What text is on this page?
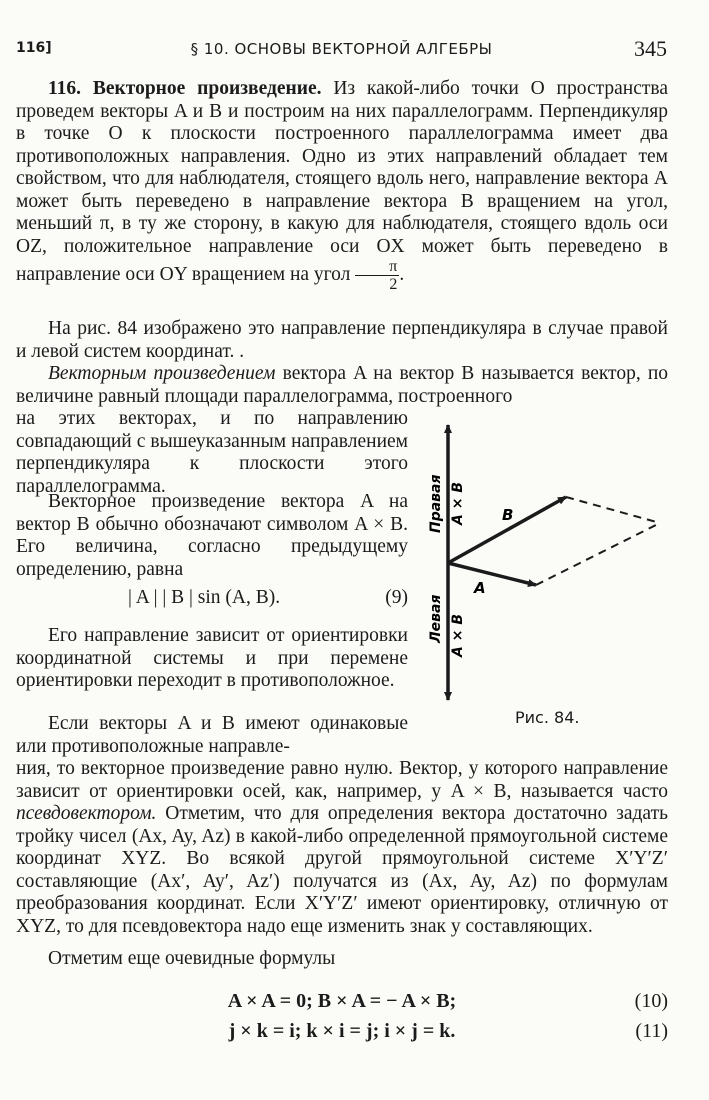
116]	§ 10. ОСНОВЫ ВЕКТОРНОЙ АЛГЕБРЫ	345

116. Векторное произведение. Из какой-либо точки O пространства проведем векторы A и B и построим на них параллелограмм. Перпендикуляр в точке O к плоскости построенного параллелограмма имеет два противоположных направления. Одно из этих направлений обладает тем свойством, что для наблюдателя, стоящего вдоль него, направление вектора A может быть переведено в направление вектора B вращением на угол, меньший π, в ту же сторону, в какую для наблюдателя, стоящего вдоль оси OZ, положительное направление оси OX может быть переведено в направление оси OY вращением на угол $\frac{\pi}{2}$ .

На рис. 84 изображено это направление перпендикуляра в случае правой и левой систем координат. .

Векторным произведением вектора A на вектор B называется вектор, по величине равный площади параллелограмма, построенного

на этих векторах, и по направлению совпадающий с вышеуказанным направлением перпендикуляра к плоскости этого параллелограмма.

Векторное произведение вектора A на вектор B обычно обозначают символом A × B. Его величина, согласно предыдущему определению, равна

| A | | B | sin (A, B).	(9)

Его направление зависит от ориентировки координатной системы и при перемене ориентировки переходит в противоположное.

Если векторы A и B имеют одинаковые или противоположные направле-

ния, то векторное произведение равно нулю. Вектор, у которого направление зависит от ориентировки осей, как, например, у A × B, называется часто псевдовектором. Отметим, что для определения вектора достаточно задать тройку чисел (Ax, Ay, Az) в какой-либо определенной прямоугольной системе координат XYZ. Во всякой другой прямоугольной системе X′Y′Z′ составляющие (Ax′, Ay′, Az′) получатся из (Ax, Ay, Az) по формулам преобразования координат. Если X′Y′Z′ имеют ориентировку, отличную от XYZ, то для псевдовектора надо еще изменить знак у составляющих.

Отметим еще очевидные формулы

A × A = 0; B × A = − A × B;	(10)
j × k = i; k × i = j; i × j = k.	(11)
Правая A × B
Левая A × B
B
A
Рис. 84.
